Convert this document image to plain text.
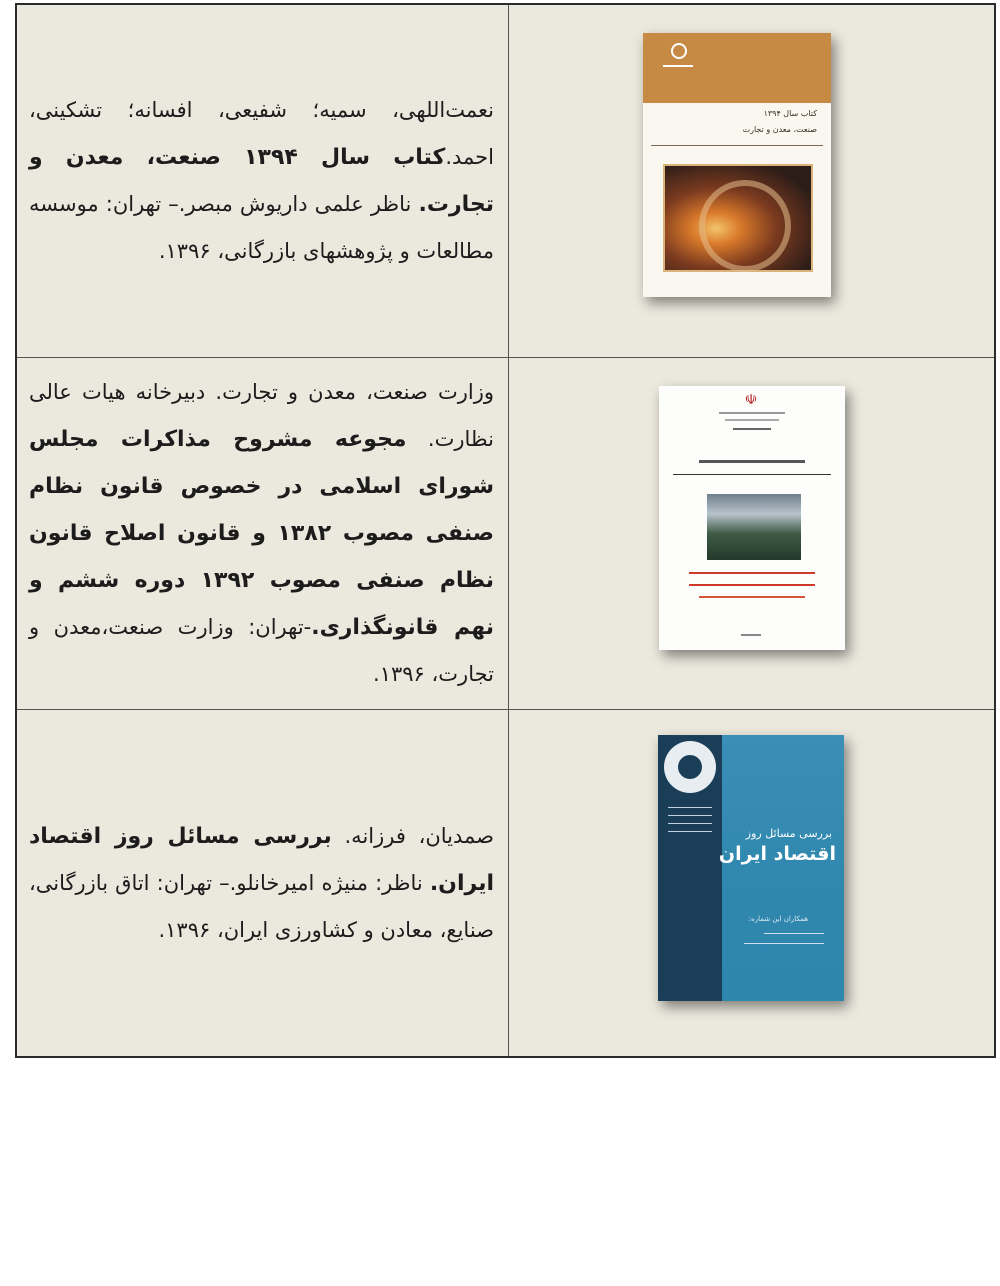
نعمت‌اللهی، سمیه؛ شفیعی، افسانه؛ تشکینی، احمد.کتاب سال ۱۳۹۴ صنعت، معدن و تجارت. ناظر علمی داریوش مبصر.– تهران: موسسه مطالعات و پژوهشهای بازرگانی، ۱۳۹۶.
کتاب سال ۱۳۹۴
صنعت، معدن و تجارت
وزارت صنعت، معدن و تجارت. دبیرخانه هیات عالی نظارت. مجوعه مشروح مذاکرات مجلس شورای اسلامی در خصوص قانون نظام صنفی مصوب ۱۳۸۲ و قانون اصلاح قانون نظام صنفی مصوب ۱۳۹۲ دوره ششم و نهم قانونگذاری.-تهران: وزارت صنعت،معدن و تجارت، ۱۳۹۶.
☫
صمدیان، فرزانه. بررسی مسائل روز اقتصاد ایران. ناظر: منیژه امیرخانلو.– تهران: اتاق بازرگانی، صنایع، معادن و کشاورزی ایران، ۱۳۹۶.
بررسی مسائل روز
اقتصاد ایران
همکاران این شماره:
